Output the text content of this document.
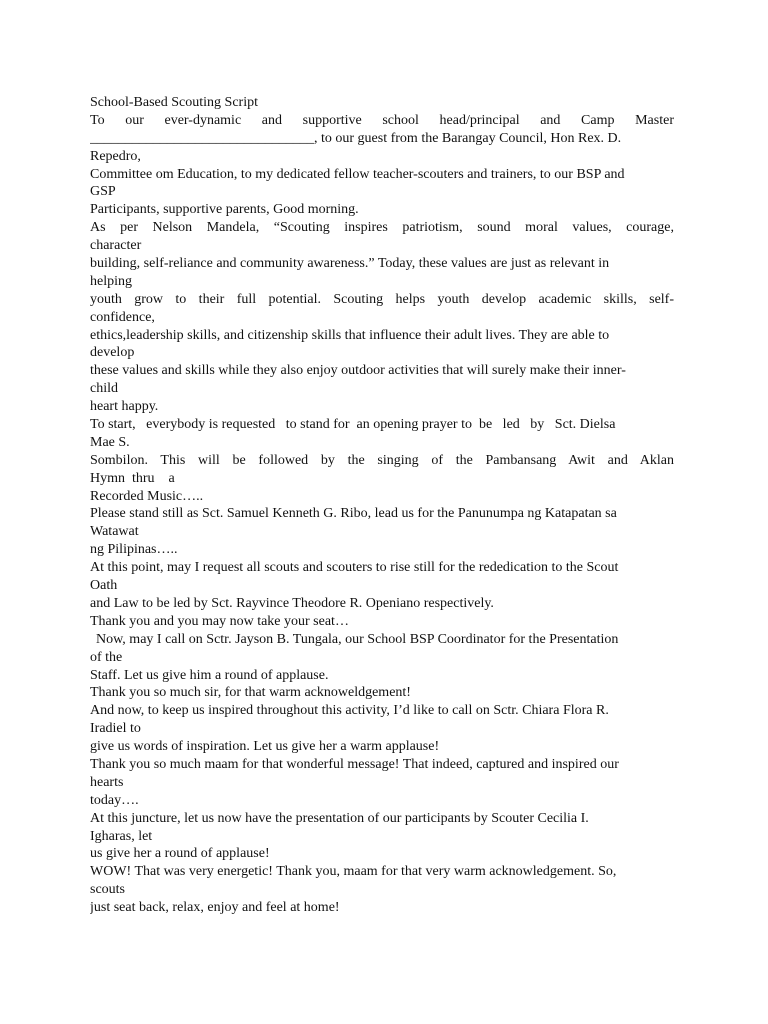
School-Based Scouting Script
To our ever-dynamic and supportive school head/principal and Camp Master
________________________________, to our guest from the Barangay Council, Hon Rex. D.
Repedro,
Committee om Education, to my dedicated fellow teacher-scouters and trainers, to our BSP and
GSP
Participants, supportive parents, Good morning.
As per Nelson Mandela, “Scouting inspires patriotism, sound moral values, courage,
character
building, self-reliance and community awareness.” Today, these values are just as relevant in
helping
youth grow to their full potential. Scouting helps youth develop academic skills, self-
confidence,
ethics,leadership skills, and citizenship skills that influence their adult lives. They are able to
develop
these values and skills while they also enjoy outdoor activities that will surely make their inner-
child
heart happy.
To start,   everybody is requested   to stand for  an opening prayer to  be   led   by   Sct. Dielsa
Mae S.
Sombilon. This will be followed by the singing of the Pambansang Awit and Aklan
Hymn  thru    a
Recorded Music…..
Please stand still as Sct. Samuel Kenneth G. Ribo, lead us for the Panunumpa ng Katapatan sa
Watawat
ng Pilipinas…..
At this point, may I request all scouts and scouters to rise still for the rededication to the Scout
Oath
and Law to be led by Sct. Rayvince Theodore R. Openiano respectively.
Thank you and you may now take your seat…
Now, may I call on Sctr. Jayson B. Tungala, our School BSP Coordinator for the Presentation
of the
Staff. Let us give him a round of applause.
Thank you so much sir, for that warm acknoweldgement!
And now, to keep us inspired throughout this activity, I’d like to call on Sctr. Chiara Flora R.
Iradiel to
give us words of inspiration. Let us give her a warm applause!
Thank you so much maam for that wonderful message! That indeed, captured and inspired our
hearts
today….
At this juncture, let us now have the presentation of our participants by Scouter Cecilia I.
Igharas, let
us give her a round of applause!
WOW! That was very energetic! Thank you, maam for that very warm acknowledgement. So,
scouts
just seat back, relax, enjoy and feel at home!
